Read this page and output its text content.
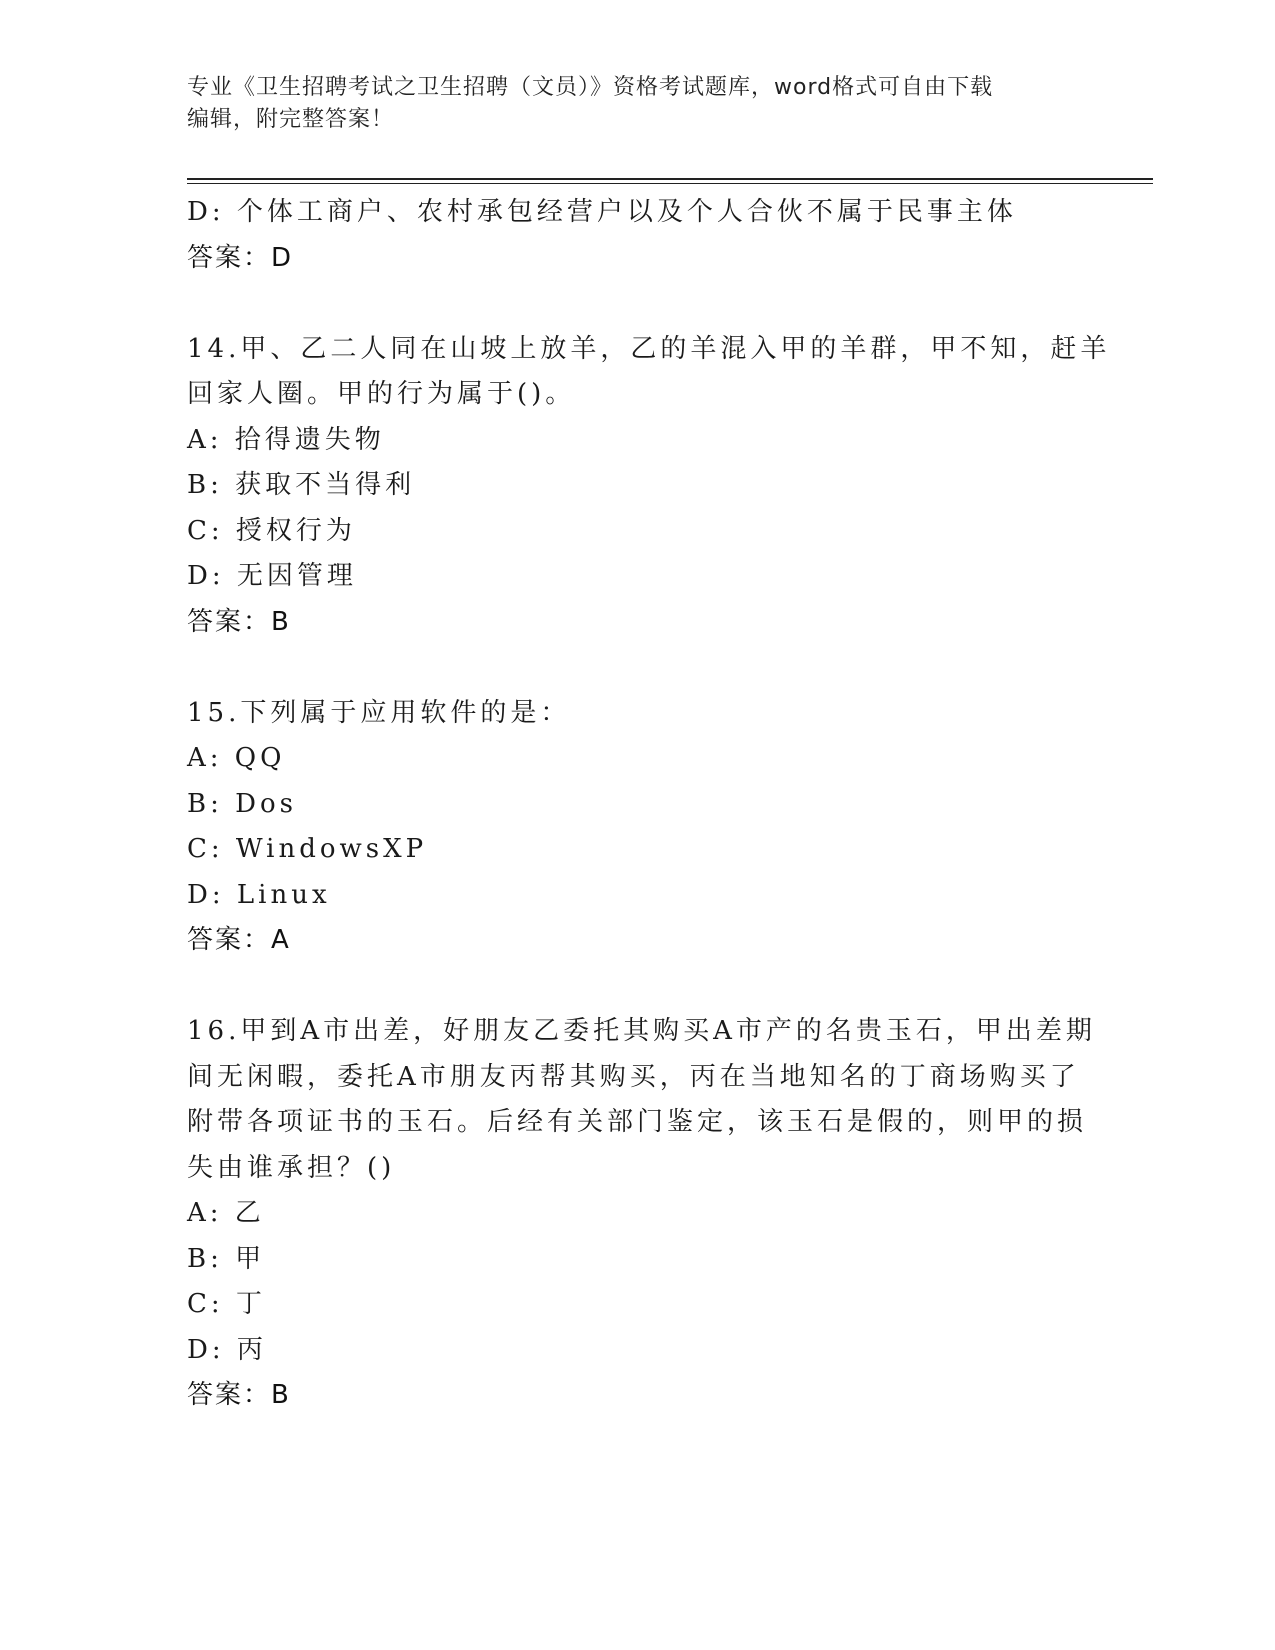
专业《卫生招聘考试之卫生招聘（文员）》资格考试题库，word格式可自由下载
编辑，附完整答案！
D: 个体工商户、农村承包经营户以及个人合伙不属于民事主体
答案：D
14.甲、乙二人同在山坡上放羊，乙的羊混入甲的羊群，甲不知，赶羊
回家人圈。甲的行为属于()。
A: 拾得遗失物
B: 获取不当得利
C: 授权行为
D: 无因管理
答案：B
15.下列属于应用软件的是：
A: QQ
B: Dos
C: WindowsXP
D: Linux
答案：A
16.甲到A市出差，好朋友乙委托其购买A市产的名贵玉石，甲出差期
间无闲暇，委托A市朋友丙帮其购买，丙在当地知名的丁商场购买了
附带各项证书的玉石。后经有关部门鉴定，该玉石是假的，则甲的损
失由谁承担？()
A: 乙
B: 甲
C: 丁
D: 丙
答案：B
